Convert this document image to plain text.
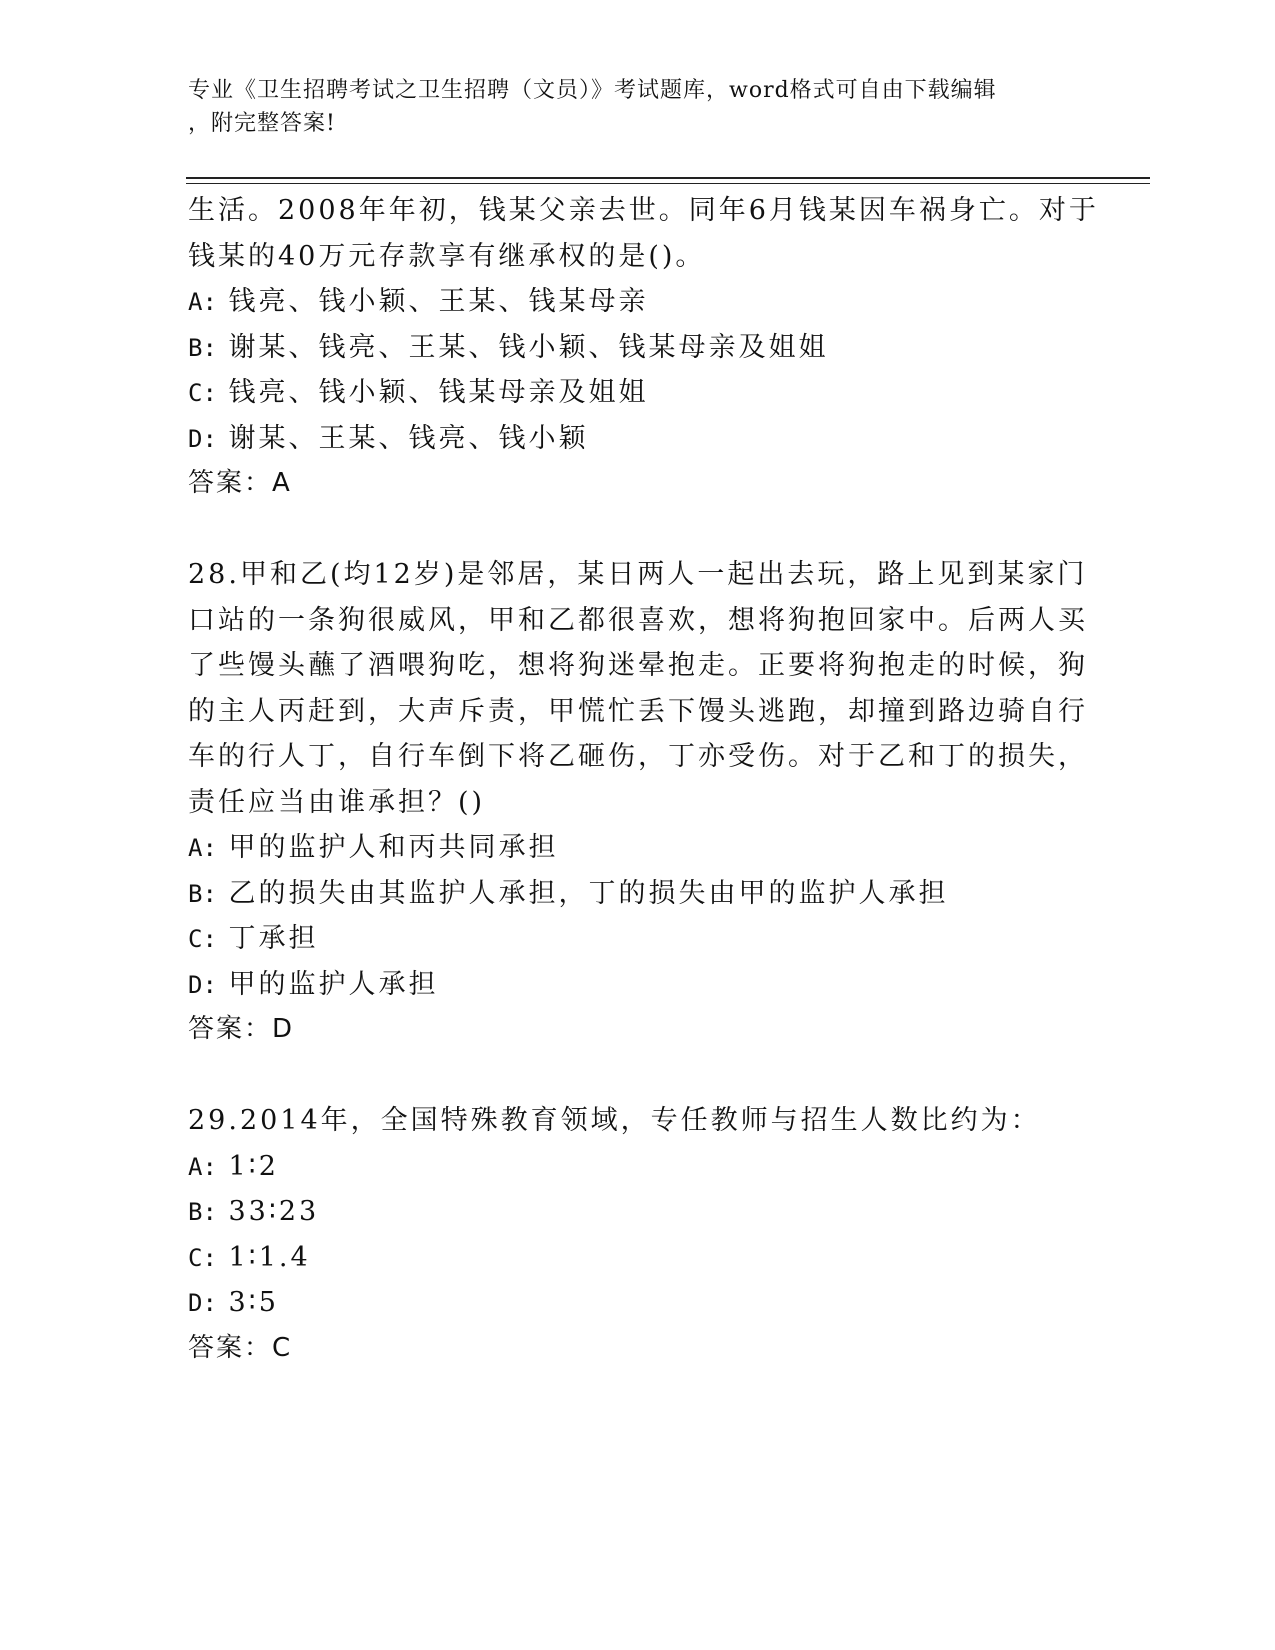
专业《卫生招聘考试之卫生招聘（文员）》考试题库，word格式可自由下载编辑
，附完整答案!
生活。2008年年初，钱某父亲去世。同年6月钱某因车祸身亡。对于
钱某的40万元存款享有继承权的是()。
A: 钱亮、钱小颖、王某、钱某母亲
B: 谢某、钱亮、王某、钱小颖、钱某母亲及姐姐
C: 钱亮、钱小颖、钱某母亲及姐姐
D: 谢某、王某、钱亮、钱小颖
答案：A
28.甲和乙(均12岁)是邻居，某日两人一起出去玩，路上见到某家门
口站的一条狗很威风，甲和乙都很喜欢，想将狗抱回家中。后两人买
了些馒头蘸了酒喂狗吃，想将狗迷晕抱走。正要将狗抱走的时候，狗
的主人丙赶到，大声斥责，甲慌忙丢下馒头逃跑，却撞到路边骑自行
车的行人丁，自行车倒下将乙砸伤，丁亦受伤。对于乙和丁的损失，
责任应当由谁承担？()
A: 甲的监护人和丙共同承担
B: 乙的损失由其监护人承担，丁的损失由甲的监护人承担
C: 丁承担
D: 甲的监护人承担
答案：D
29.2014年，全国特殊教育领域，专任教师与招生人数比约为：
A: 1∶2
B: 33∶23
C: 1∶1.4
D: 3∶5
答案：C
